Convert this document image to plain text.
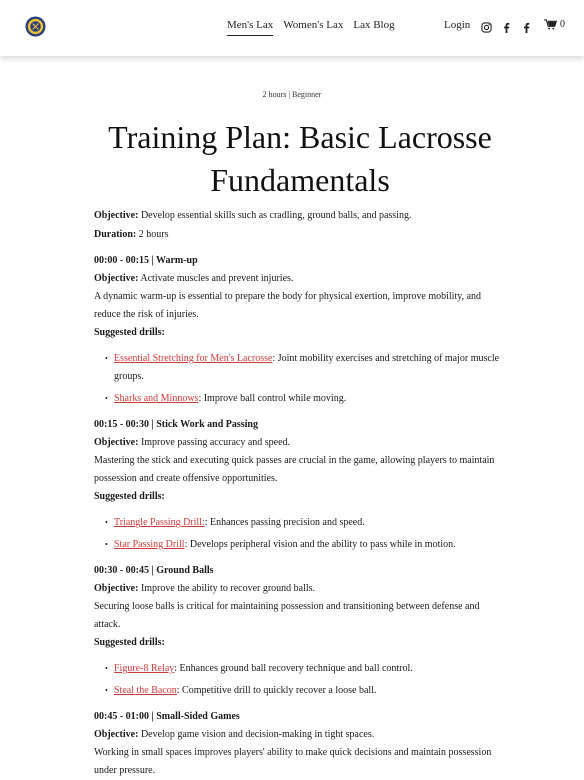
Men's Lax Women's Lax Lax Blog	Login	0
2 hours | Beginner
Training Plan: Basic Lacrosse Fundamentals

Objective: Develop essential skills such as cradling, ground balls, and passing.

Duration: 2 hours

00:00 - 00:15 | Warm-up

Objective: Activate muscles and prevent injuries.

A dynamic warm-up is essential to prepare the body for physical exertion, improve mobility, and reduce the risk of injuries.

Suggested drills:

• Essential Stretching for Men's Lacrosse: Joint mobility exercises and stretching of major muscle groups.
• Sharks and Minnows: Improve ball control while moving.

00:15 - 00:30 | Stick Work and Passing

Objective: Improve passing accuracy and speed.

Mastering the stick and executing quick passes are crucial in the game, allowing players to maintain possession and create offensive opportunities.

Suggested drills:

• Triangle Passing Drill:: Enhances passing precision and speed.
• Star Passing Drill: Develops peripheral vision and the ability to pass while in motion.

00:30 - 00:45 | Ground Balls

Objective: Improve the ability to recover ground balls.

Securing loose balls is critical for maintaining possession and transitioning between defense and attack.

Suggested drills:

• Figure-8 Relay: Enhances ground ball recovery technique and ball control.
• Steal the Bacon: Competitive drill to quickly recover a loose ball.

00:45 - 01:00 | Small-Sided Games

Objective: Develop game vision and decision-making in tight spaces.

Working in small spaces improves players' ability to make quick decisions and maintain possession under pressure.
